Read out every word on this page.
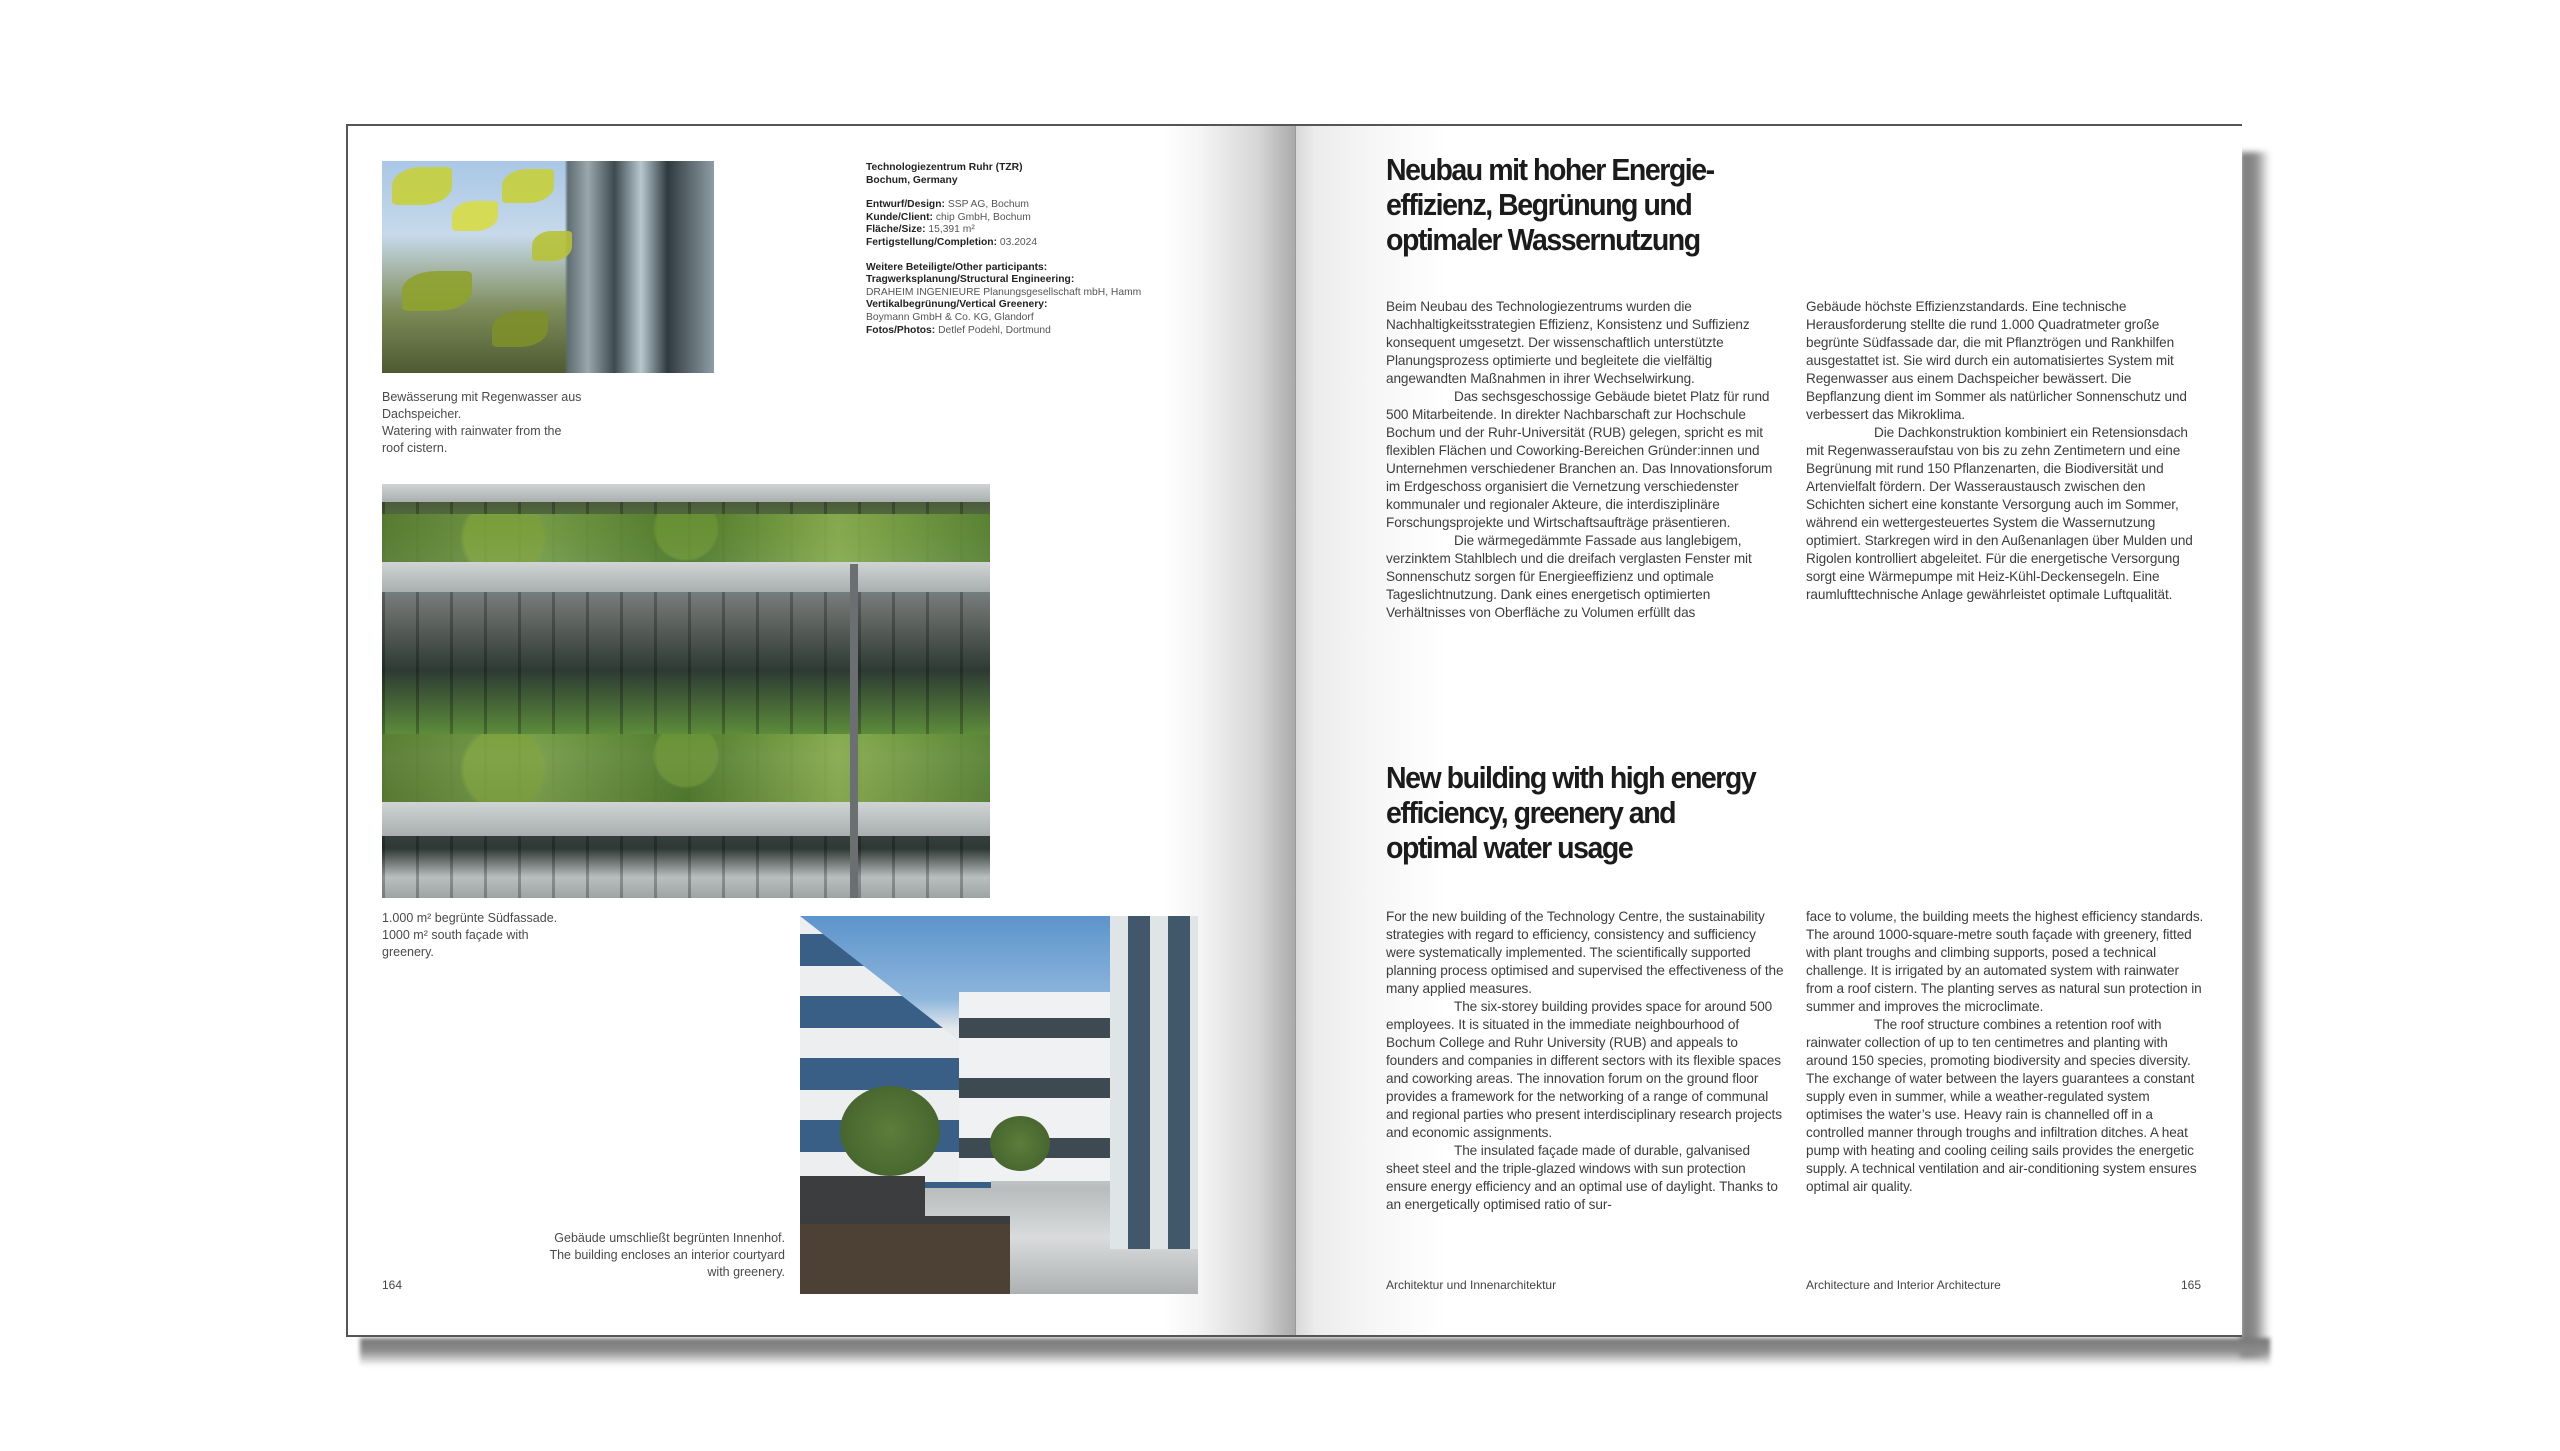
Bewässerung mit Regenwasser aus Dachspeicher.
Watering with rainwater from the roof cistern.
Technologiezentrum Ruhr (TZR)
Bochum, Germany
Entwurf/Design: SSP AG, Bochum
Kunde/Client: chip GmbH, Bochum
Fläche/Size: 15,391 m²
Fertigstellung/Completion: 03.2024
Weitere Beteiligte/Other participants:
Tragwerksplanung/Structural Engineering:
DRAHEIM INGENIEURE Planungsgesellschaft mbH, Hamm
Vertikalbegrünung/Vertical Greenery:
Boymann GmbH & Co. KG, Glandorf
Fotos/Photos: Detlef Podehl, Dortmund
1.000 m² begrünte Südfassade.
1000 m² south façade with greenery.
Gebäude umschließt begrünten Innenhof.
The building encloses an interior courtyard with greenery.
164
Neubau mit hoher Energie- effizienz, Begrünung und optimaler Wassernutzung

Beim Neubau des Technologiezentrums wurden die Nachhaltigkeitsstrategien Effizienz, Konsistenz und Suffizienz konsequent umgesetzt. Der wissenschaftlich unterstützte Planungsprozess optimierte und begleitete die vielfältig angewandten Maßnahmen in ihrer Wechselwirkung.

Das sechsgeschossige Gebäude bietet Platz für rund 500 Mitarbeitende. In direkter Nachbarschaft zur Hochschule Bochum und der Ruhr-Universität (RUB) gelegen, spricht es mit flexiblen Flächen und Coworking-Bereichen Gründer:innen und Unternehmen verschiedener Branchen an. Das Innovationsforum im Erdgeschoss organisiert die Vernetzung verschiedenster kommunaler und regionaler Akteure, die interdisziplinäre Forschungsprojekte und Wirtschaftsaufträge präsentieren.

Die wärmegedämmte Fassade aus langlebigem, verzinktem Stahlblech und die dreifach verglasten Fenster mit Sonnenschutz sorgen für Energieeffizienz und optimale Tageslichtnutzung. Dank eines energetisch optimierten Verhältnisses von Oberfläche zu Volumen erfüllt das

Gebäude höchste Effizienzstandards. Eine technische Herausforderung stellte die rund 1.000 Quadratmeter große begrünte Südfassade dar, die mit Pflanztrögen und Rankhilfen ausgestattet ist. Sie wird durch ein automatisiertes System mit Regenwasser aus einem Dachspeicher bewässert. Die Bepflanzung dient im Sommer als natürlicher Sonnenschutz und verbessert das Mikroklima.

Die Dachkonstruktion kombiniert ein Retensionsdach mit Regenwasseraufstau von bis zu zehn Zentimetern und eine Begrünung mit rund 150 Pflanzenarten, die Biodiversität und Artenvielfalt fördern. Der Wasseraustausch zwischen den Schichten sichert eine konstante Versorgung auch im Sommer, während ein wettergesteuertes System die Wassernutzung optimiert. Starkregen wird in den Außenanlagen über Mulden und Rigolen kontrolliert abgeleitet. Für die energetische Versorgung sorgt eine Wärmepumpe mit Heiz-Kühl-Deckensegeln. Eine raumlufttechnische Anlage gewährleistet optimale Luftqualität.

New building with high energy efficiency, greenery and optimal water usage

For the new building of the Technology Centre, the sustainability strategies with regard to efficiency, consistency and sufficiency were systematically implemented. The scientifically supported planning process optimised and supervised the effectiveness of the many applied measures.

The six-storey building provides space for around 500 employees. It is situated in the immediate neighbourhood of Bochum College and Ruhr University (RUB) and appeals to founders and companies in different sectors with its flexible spaces and coworking areas. The innovation forum on the ground floor provides a framework for the networking of a range of communal and regional parties who present interdisciplinary research projects and economic assignments.

The insulated façade made of durable, galvanised sheet steel and the triple-glazed windows with sun protection ensure energy efficiency and an optimal use of daylight. Thanks to an energetically optimised ratio of sur-

face to volume, the building meets the highest efficiency standards. The around 1000-square-metre south façade with greenery, fitted with plant troughs and climbing supports, posed a technical challenge. It is irrigated by an automated system with rainwater from a roof cistern. The planting serves as natural sun protection in summer and improves the microclimate.

The roof structure combines a retention roof with rainwater collection of up to ten centimetres and planting with around 150 species, promoting biodiversity and species diversity. The exchange of water between the layers guarantees a constant supply even in summer, while a weather-regulated system optimises the water’s use. Heavy rain is channelled off in a controlled manner through troughs and infiltration ditches. A heat pump with heating and cooling ceiling sails provides the energetic supply. A technical ventilation and air-conditioning system ensures optimal air quality.

Architektur und Innenarchitektur	Architecture and Interior Architecture	165
